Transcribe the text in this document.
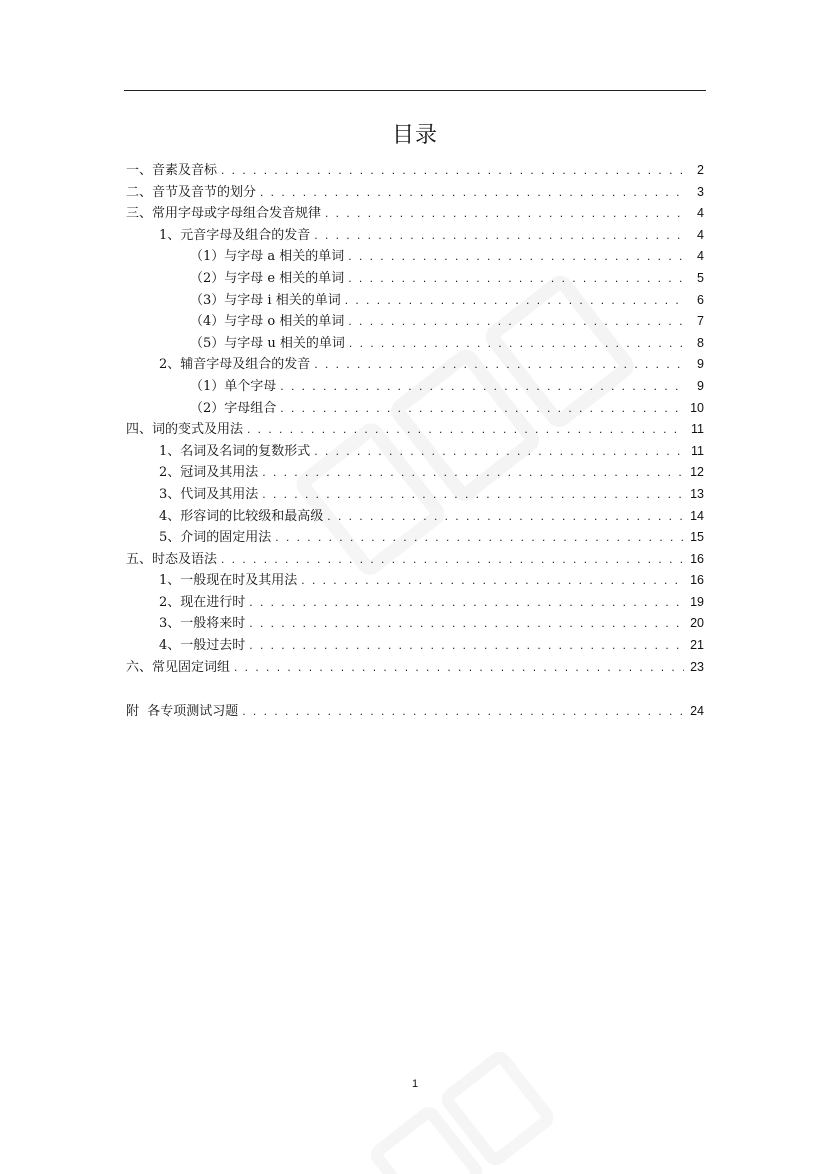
目录
一、音素及音标 . . .	2
二、音节及音节的划分 . . .	3
三、常用字母或字母组合发音规律 . . .	4
1、元音字母及组合的发音 . . .	4
（1）与字母 a 相关的单词 . . .	4
（2）与字母 e 相关的单词 . . .	5
（3）与字母 i 相关的单词 . . .	6
（4）与字母 o 相关的单词 . . .	7
（5）与字母 u 相关的单词 . . .	8
2、辅音字母及组合的发音 . . .	9
（1）单个字母 . . .	9
（2）字母组合 . . .	10
四、词的变式及用法 . . .	11
1、名词及名词的复数形式 . . .	11
2、冠词及其用法 . . .	12
3、代词及其用法 . . .	13
4、形容词的比较级和最高级 . . .	14
5、介词的固定用法 . . .	15
五、时态及语法 . . .	16
1、一般现在时及其用法 . . .	16
2、现在进行时 . . .	19
3、一般将来时 . . .	20
4、一般过去时 . . .	21
六、常见固定词组 . . .	23
附  各专项测试习题 . . .	24
1
